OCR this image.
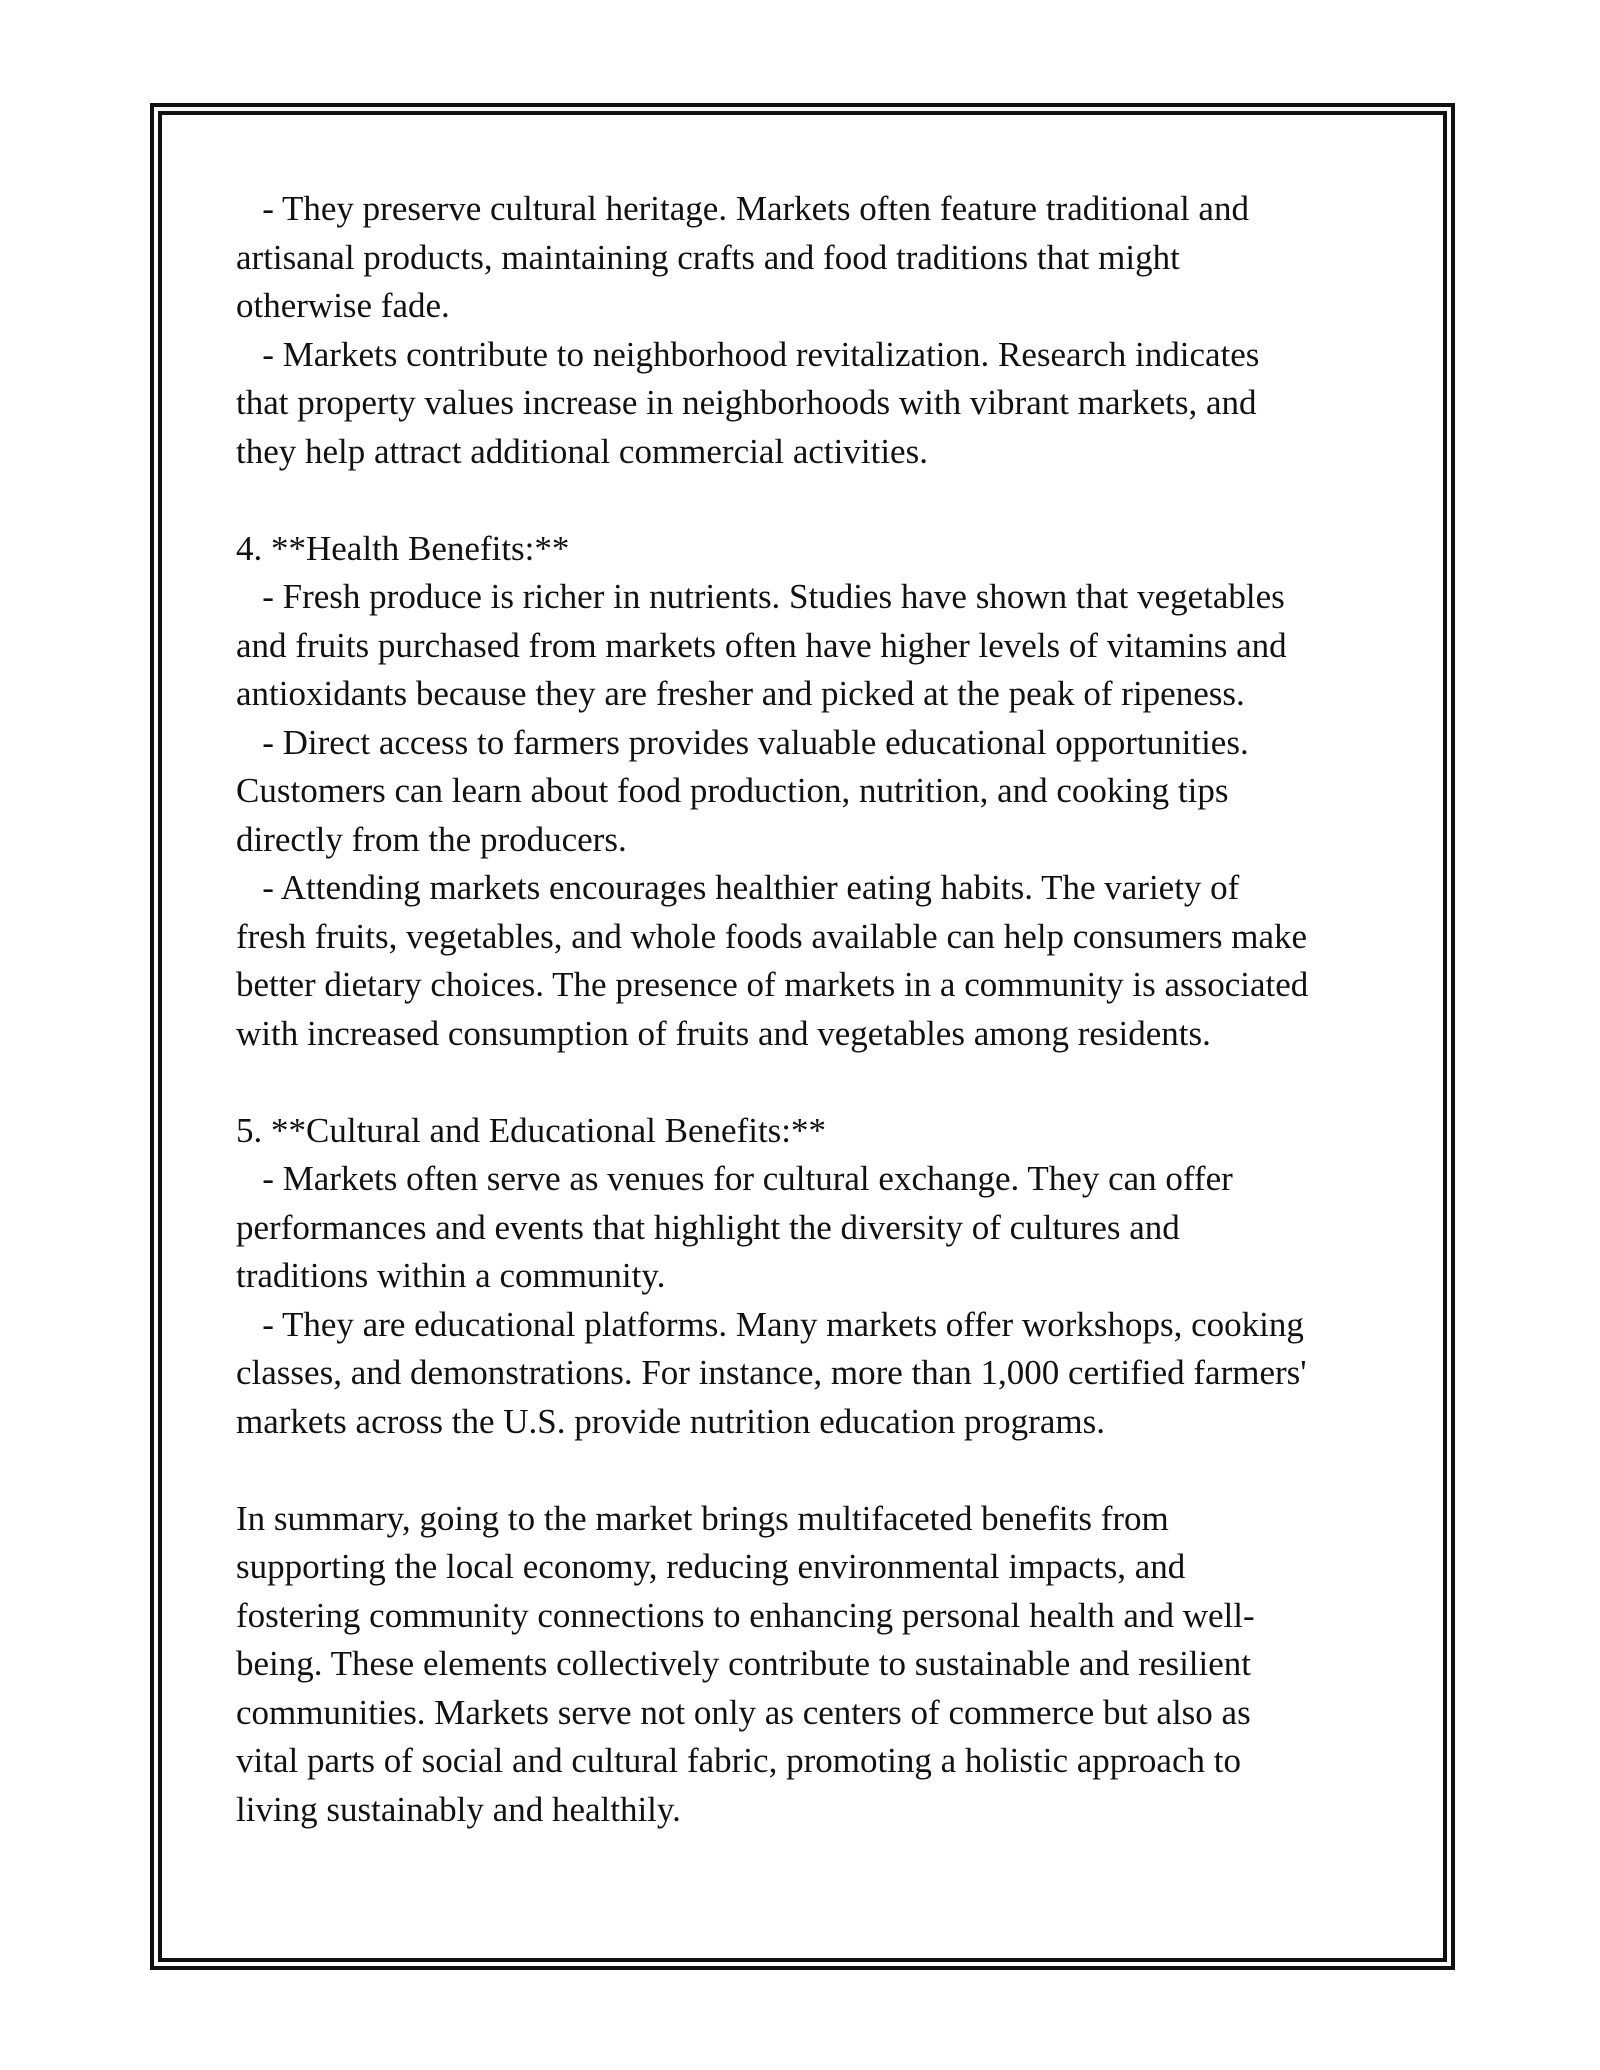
- They preserve cultural heritage. Markets often feature traditional and

artisanal products, maintaining crafts and food traditions that might

otherwise fade.

- Markets contribute to neighborhood revitalization. Research indicates

that property values increase in neighborhoods with vibrant markets, and

they help attract additional commercial activities.

4. **Health Benefits:**

- Fresh produce is richer in nutrients. Studies have shown that vegetables

and fruits purchased from markets often have higher levels of vitamins and

antioxidants because they are fresher and picked at the peak of ripeness.

- Direct access to farmers provides valuable educational opportunities.

Customers can learn about food production, nutrition, and cooking tips

directly from the producers.

- Attending markets encourages healthier eating habits. The variety of

fresh fruits, vegetables, and whole foods available can help consumers make

better dietary choices. The presence of markets in a community is associated

with increased consumption of fruits and vegetables among residents.

5. **Cultural and Educational Benefits:**

- Markets often serve as venues for cultural exchange. They can offer

performances and events that highlight the diversity of cultures and

traditions within a community.

- They are educational platforms. Many markets offer workshops, cooking

classes, and demonstrations. For instance, more than 1,000 certified farmers'

markets across the U.S. provide nutrition education programs.

In summary, going to the market brings multifaceted benefits from

supporting the local economy, reducing environmental impacts, and

fostering community connections to enhancing personal health and well-

being. These elements collectively contribute to sustainable and resilient

communities. Markets serve not only as centers of commerce but also as

vital parts of social and cultural fabric, promoting a holistic approach to

living sustainably and healthily.
